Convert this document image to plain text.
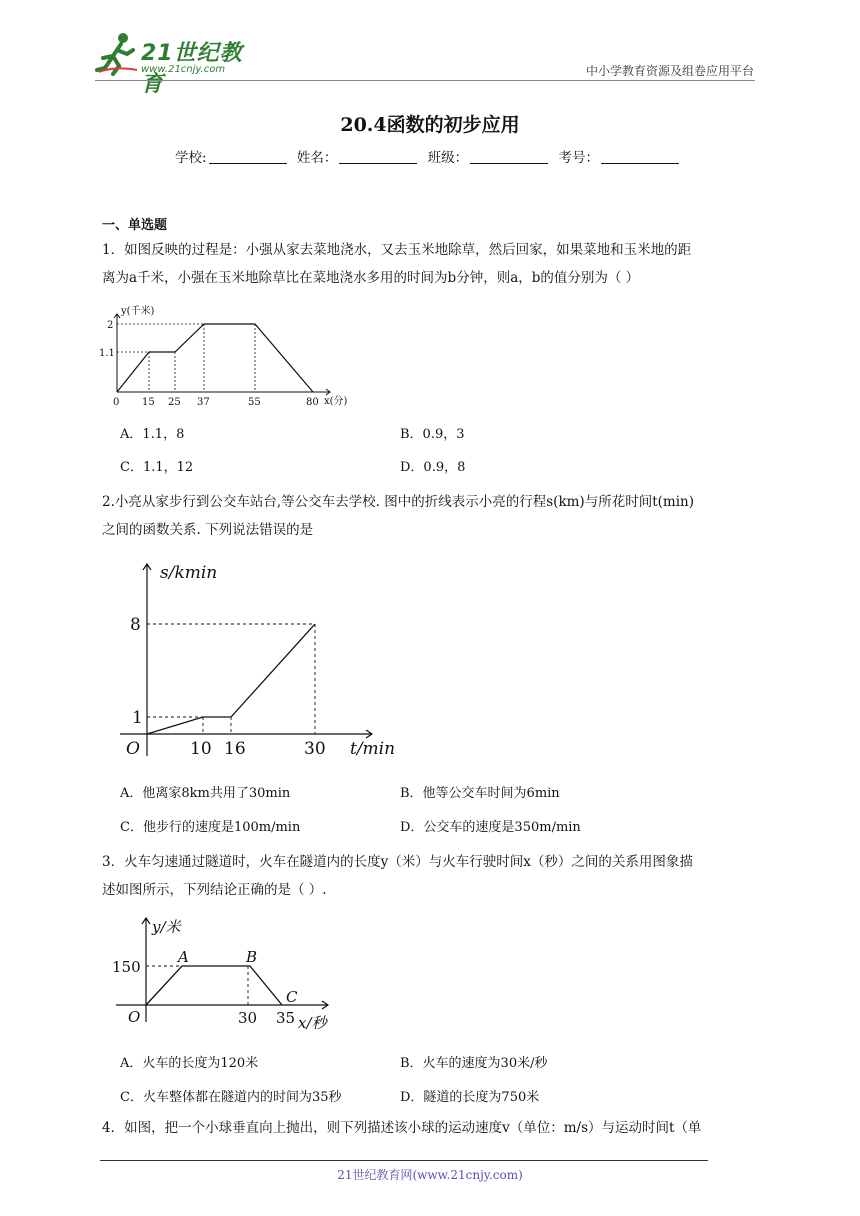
21世纪教育
www.21cnjy.com	中小学教育资源及组卷应用平台
20.4函数的初步应用
学校:	姓名：	班级：	考号：
一、单选题
1．如图反映的过程是：小强从家去菜地浇水，又去玉米地除草，然后回家，如果菜地和玉米地的距
离为a千米，小强在玉米地除草比在菜地浇水多用的时间为b分钟，则a，b的值分别为（ ）
y(千米)
x(分)
0
1.1
2
15 25 37	55	80
A．1.1，8	B．0.9，3
C．1.1，12	D．0.9，8
2.小亮从家步行到公交车站台,等公交车去学校. 图中的折线表示小亮的行程s(km)与所花时间t(min)
之间的函数关系. 下列说法错误的是
s/kmin
t/min
O
1
8
10 16	30
A．他离家8km共用了30min	B．他等公交车时间为6min
C．他步行的速度是100m/min	D．公交车的速度是350m/min
3．火车匀速通过隧道时，火车在隧道内的长度y（米）与火车行驶时间x（秒）之间的关系用图象描
述如图所示，下列结论正确的是（ ）.
y/米
x/秒
O
150
30 35
A	B
C
A．火车的长度为120米	B．火车的速度为30米/秒
C．火车整体都在隧道内的时间为35秒	D．隧道的长度为750米
4．如图，把一个小球垂直向上抛出，则下列描述该小球的运动速度v（单位：m/s）与运动时间t（单
21世纪教育网(www.21cnjy.com)
